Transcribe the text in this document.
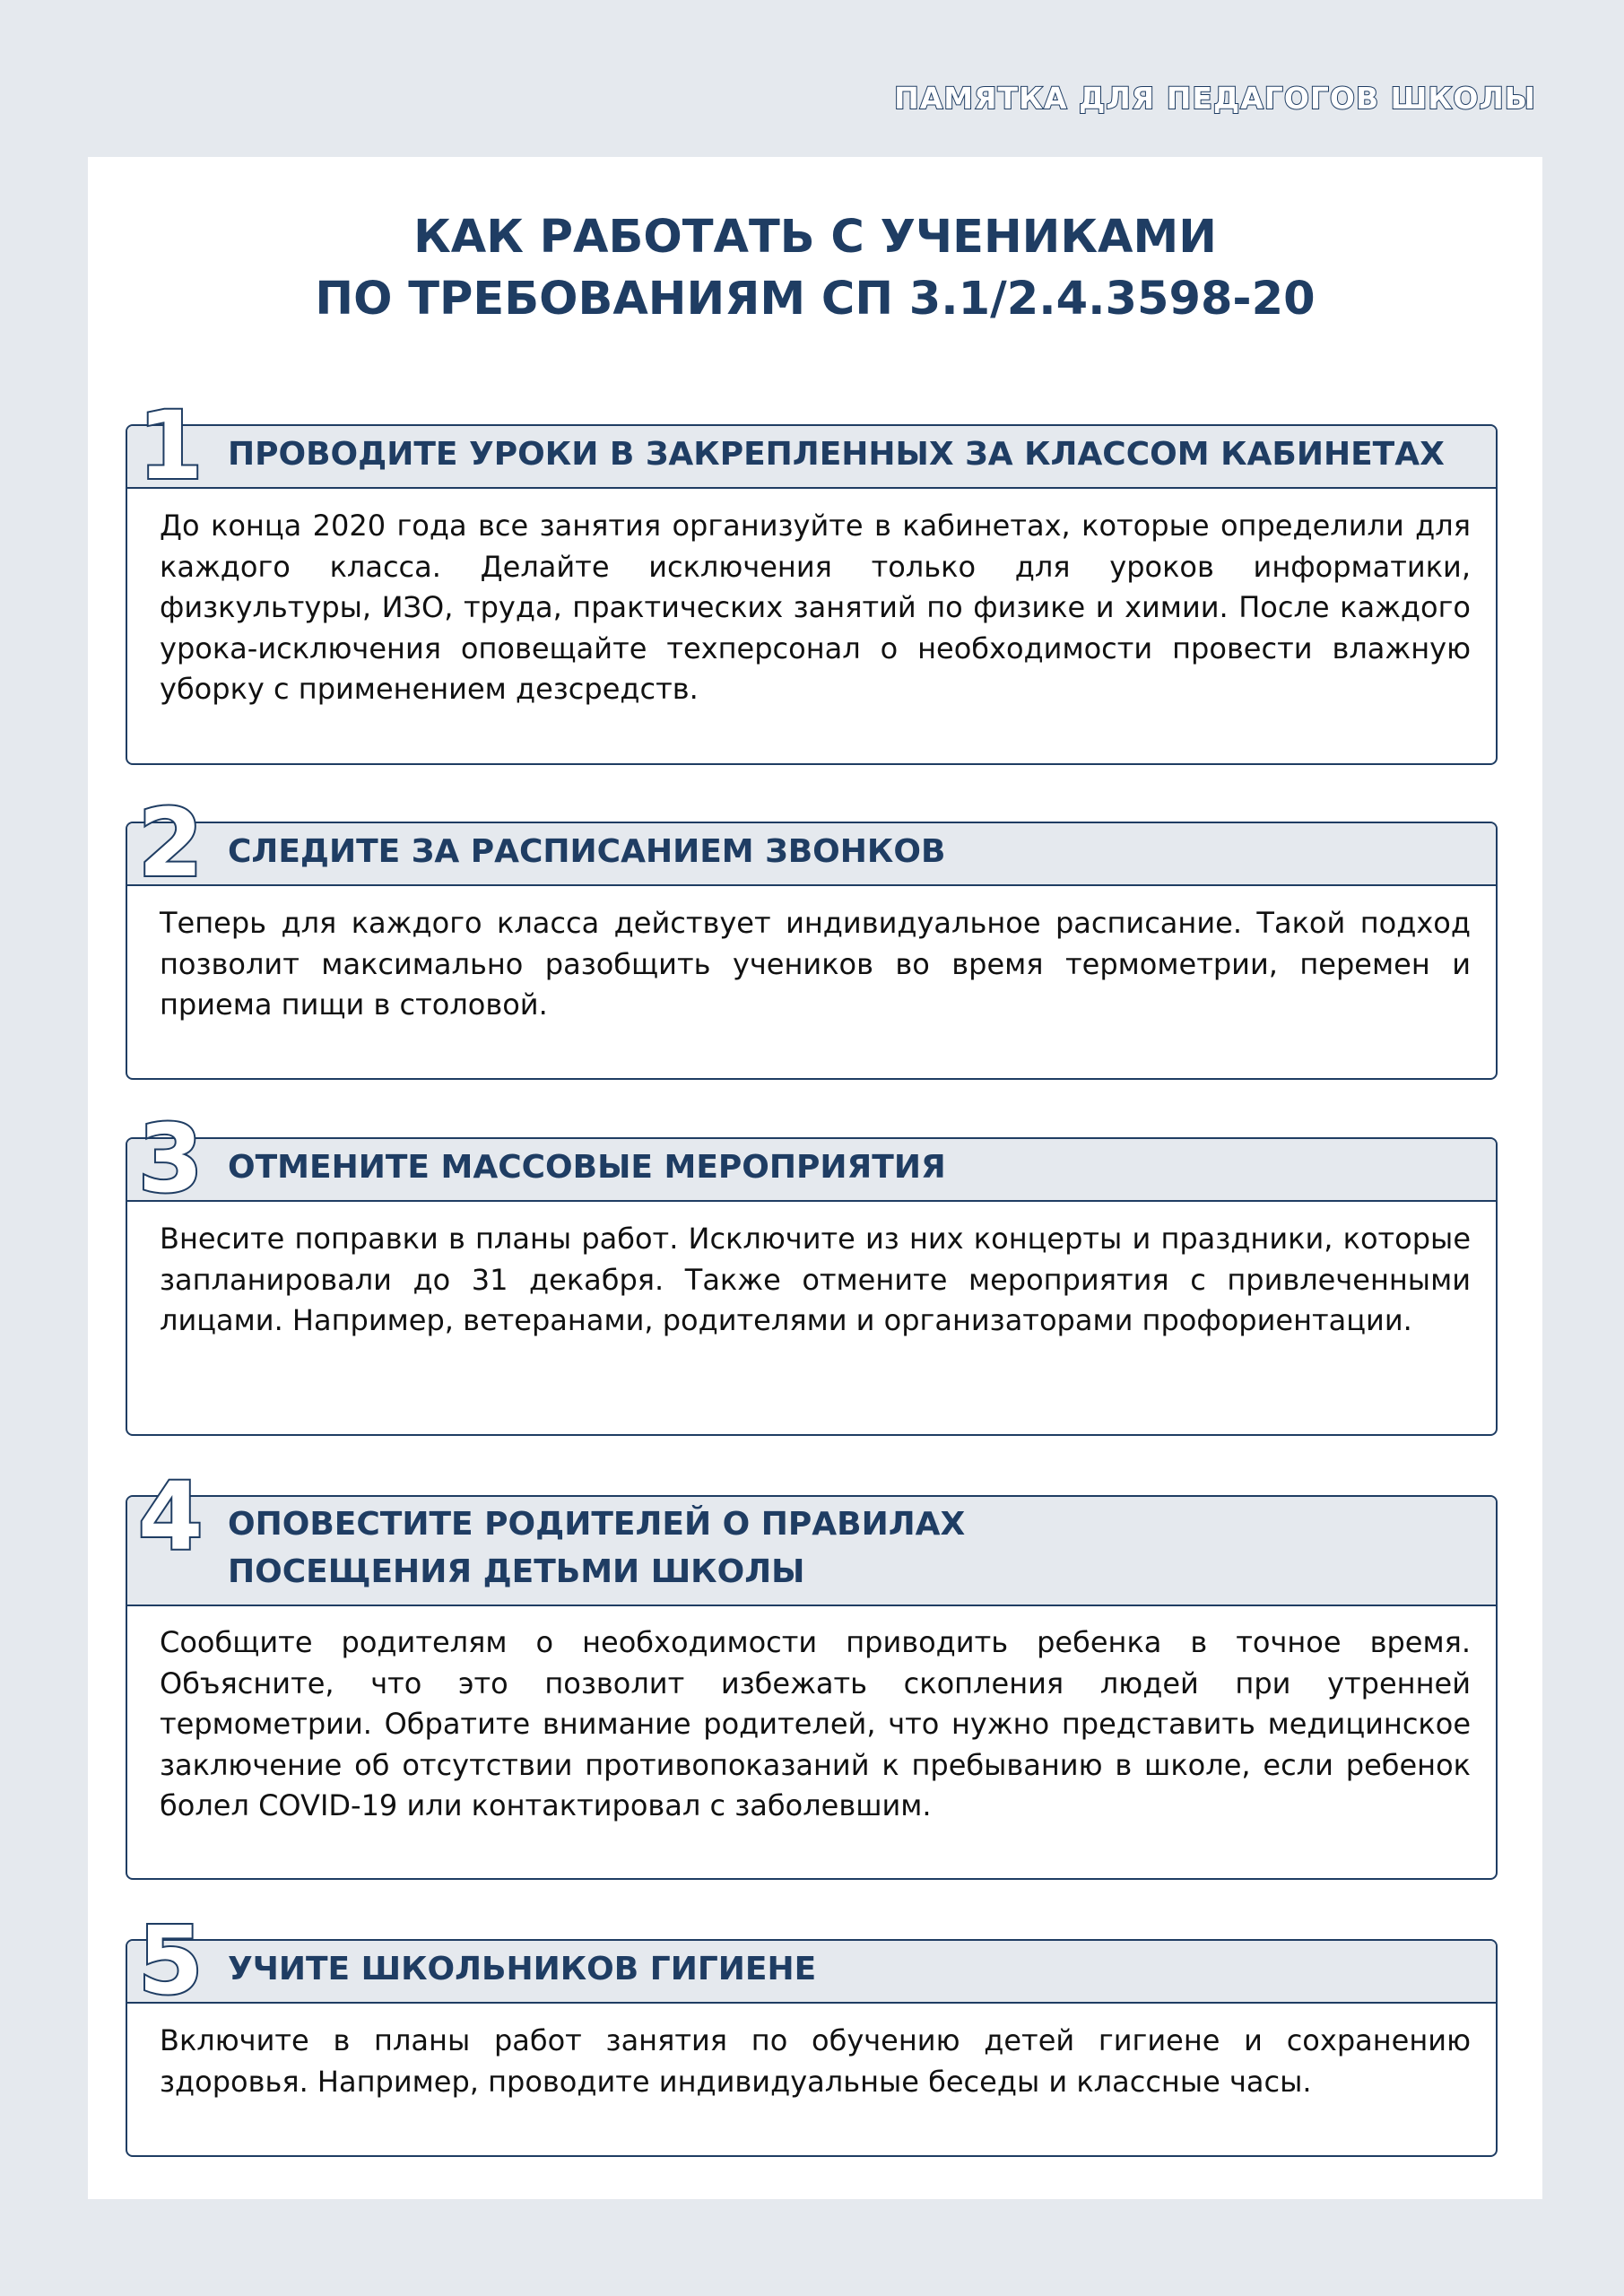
ПАМЯТКА ДЛЯ ПЕДАГОГОВ ШКОЛЫ
КАК РАБОТАТЬ С УЧЕНИКАМИ
ПО ТРЕБОВАНИЯМ СП 3.1/2.4.3598-20
ПРОВОДИТЕ УРОКИ В ЗАКРЕПЛЕННЫХ ЗА КЛАССОМ КАБИНЕТАХ
До конца 2020 года все занятия организуйте в кабинетах, которые определили для каждого класса. Делайте исключения только для уроков информатики, физкультуры, ИЗО, труда, практических занятий по физике и химии. После каждого урока-исключения оповещайте техперсонал о необходимости провести влажную уборку с применением дезсредств.
1
СЛЕДИТЕ ЗА РАСПИСАНИЕМ ЗВОНКОВ
Теперь для каждого класса действует индивидуальное расписание. Такой подход позволит максимально разобщить учеников во время термометрии, перемен и приема пищи в столовой.
2
ОТМЕНИТЕ МАССОВЫЕ МЕРОПРИЯТИЯ
Внесите поправки в планы работ. Исключите из них концерты и праздники, которые запланировали до 31 декабря. Также отмените мероприятия с привлеченными лицами. Например, ветеранами, родителями и организаторами профориентации.
3
ОПОВЕСТИТЕ РОДИТЕЛЕЙ О ПРАВИЛАХ
ПОСЕЩЕНИЯ ДЕТЬМИ ШКОЛЫ
Сообщите родителям о необходимости приводить ребенка в точное время. Объясните, что это позволит избежать скопления людей при утренней термометрии. Обратите внимание родителей, что нужно представить медицинское заключение об отсутствии противопоказаний к пребыванию в школе, если ребенок болел COVID-19 или контактировал с заболевшим.
4
УЧИТЕ ШКОЛЬНИКОВ ГИГИЕНЕ
Включите в планы работ занятия по обучению детей гигиене и сохранению здоровья. Например, проводите индивидуальные беседы и классные часы.
5
